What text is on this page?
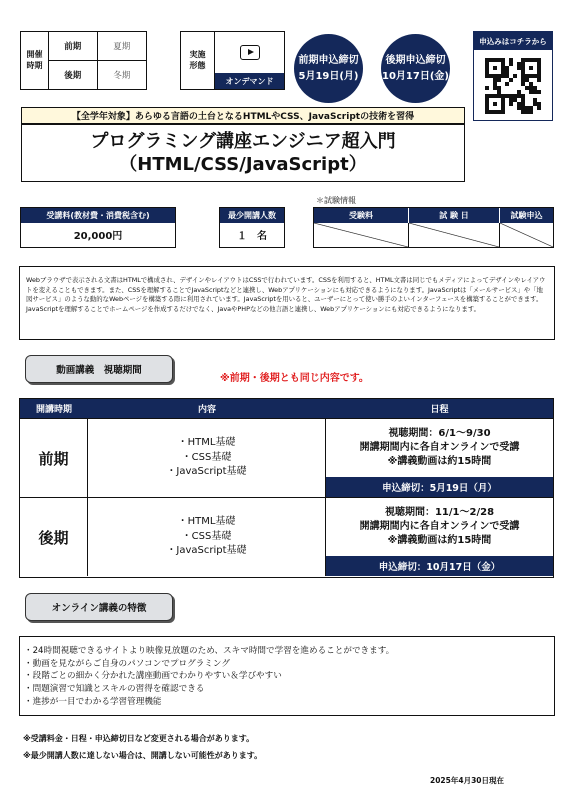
開催
時期
前期	夏期
後期	冬期
実施
形態
オンデマンド
前期申込締切
5月19日(月)
後期申込締切
10月17日(金)
申込みはコチラから
【全学年対象】あらゆる言語の土台となるHTMLやCSS、JavaScriptの技術を習得
プログラミング講座エンジニア超入門
（HTML/CSS/JavaScript）
受講料(教材費・消費税含む)
20,000円
最少開講人数
１　名
＊試験情報
受験料	試 験 日	試験申込
Webブラウザで表示される文書はHTMLで構成され、デザインやレイアウトはCSSで行われています。CSSを利用すると、HTML文書は同じでもメディアによってデザインやレイアウトを変えることもできます。また、CSSを理解することでJavaScriptなどと連携し、Webアプリケーションにも対応できるようになります。JavaScriptは「メールサービス」や「地図サービス」のような動的なWebページを構築する際に利用されています。JavaScriptを用いると、ユーザーにとって使い勝手のよいインターフェースを構築することができます。JavaScriptを理解することでホームページを作成するだけでなく、JavaやPHPなどの他言語と連携し、Webアプリケーションにも対応できるようになります。
動画講義　視聴期間
※前期・後期とも同じ内容です。
開講時期	内容	日程
前期
・HTML基礎
・CSS基礎
・JavaScript基礎
視聴期間：6/1～9/30
開講期間内に各自オンラインで受講
※講義動画は約15時間
申込締切：5月19日（月）
後期
・HTML基礎
・CSS基礎
・JavaScript基礎
視聴期間：11/1～2/28
開講期間内に各自オンラインで受講
※講義動画は約15時間
申込締切：10月17日（金）
オンライン講義の特徴
・24時間視聴できるサイトより映像見放題のため、スキマ時間で学習を進めることができます。
・動画を見ながらご自身のパソコンでプログラミング
・段階ごとの細かく分かれた講座動画でわかりやすい＆学びやすい
・問題演習で知識とスキルの習得を確認できる
・進捗が一目でわかる学習管理機能
※受講料金・日程・申込締切日など変更される場合があります。
※最少開講人数に達しない場合は、開講しない可能性があります。
2025年4月30日現在
